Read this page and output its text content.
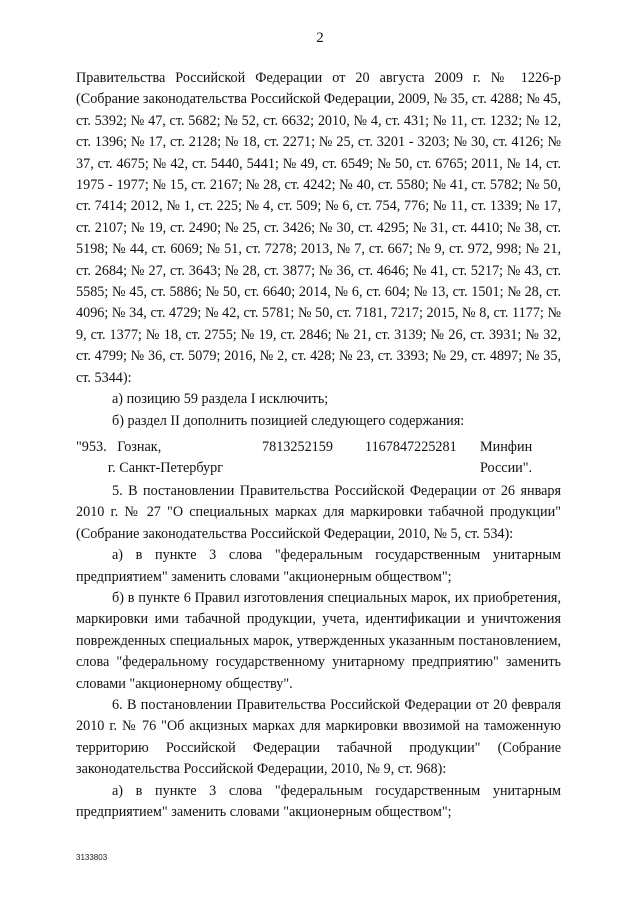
2

Правительства Российской Федерации от 20 августа 2009 г. № 1226-р (Собрание законодательства Российской Федерации, 2009, № 35, ст. 4288; № 45, ст. 5392; № 47, ст. 5682; № 52, ст. 6632; 2010, № 4, ст. 431; № 11, ст. 1232; № 12, ст. 1396; № 17, ст. 2128; № 18, ст. 2271; № 25, ст. 3201 - 3203; № 30, ст. 4126; № 37, ст. 4675; № 42, ст. 5440, 5441; № 49, ст. 6549; № 50, ст. 6765; 2011, № 14, ст. 1975 - 1977; № 15, ст. 2167; № 28, ст. 4242; № 40, ст. 5580; № 41, ст. 5782; № 50, ст. 7414; 2012, № 1, ст. 225; № 4, ст. 509; № 6, ст. 754, 776; № 11, ст. 1339; № 17, ст. 2107; № 19, ст. 2490; № 25, ст. 3426; № 30, ст. 4295; № 31, ст. 4410; № 38, ст. 5198; № 44, ст. 6069; № 51, ст. 7278; 2013, № 7, ст. 667; № 9, ст. 972, 998; № 21, ст. 2684; № 27, ст. 3643; № 28, ст. 3877; № 36, ст. 4646; № 41, ст. 5217; № 43, ст. 5585; № 45, ст. 5886; № 50, ст. 6640; 2014, № 6, ст. 604; № 13, ст. 1501; № 28, ст. 4096; № 34, ст. 4729; № 42, ст. 5781; № 50, ст. 7181, 7217; 2015, № 8, ст. 1177; № 9, ст. 1377; № 18, ст. 2755; № 19, ст. 2846; № 21, ст. 3139; № 26, ст. 3931; № 32, ст. 4799; № 36, ст. 5079; 2016, № 2, ст. 428; № 23, ст. 3393; № 29, ст. 4897; № 35, ст. 5344):

а) позицию 59 раздела I исключить;

б) раздел II дополнить позицией следующего содержания:

"953.   Гознак,
г. Санкт-Петербург
7813252159 1167847225281 Минфин
России".

5. В постановлении Правительства Российской Федерации от 26 января 2010 г. № 27 "О специальных марках для маркировки табачной продукции" (Собрание законодательства Российской Федерации, 2010, № 5, ст. 534):

а) в пункте 3 слова "федеральным государственным унитарным предприятием" заменить словами "акционерным обществом";

б) в пункте 6 Правил изготовления специальных марок, их приобретения, маркировки ими табачной продукции, учета, идентификации и уничтожения поврежденных специальных марок, утвержденных указанным постановлением, слова "федеральному государственному унитарному предприятию" заменить словами "акционерному обществу".

6. В постановлении Правительства Российской Федерации от 20 февраля 2010 г. № 76 "Об акцизных марках для маркировки ввозимой на таможенную территорию Российской Федерации табачной продукции" (Собрание законодательства Российской Федерации, 2010, № 9, ст. 968):

а) в пункте 3 слова "федеральным государственным унитарным предприятием" заменить словами "акционерным обществом";

3133803
